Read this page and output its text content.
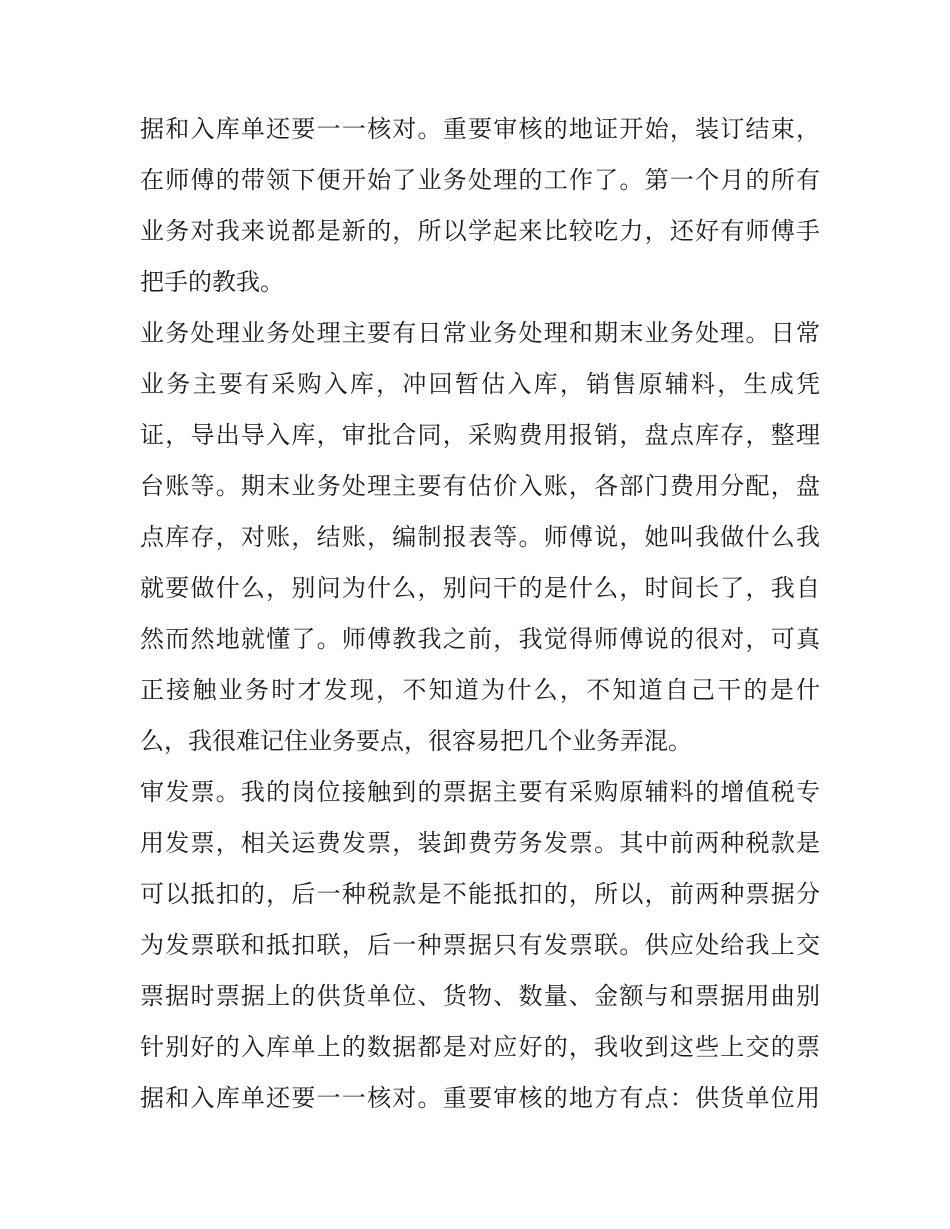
据和入库单还要一一核对。重要审核的地证开始，装订结束，
在师傅的带领下便开始了业务处理的工作了。第一个月的所有
业务对我来说都是新的，所以学起来比较吃力，还好有师傅手
把手的教我。
业务处理业务处理主要有日常业务处理和期末业务处理。日常
业务主要有采购入库，冲回暂估入库，销售原辅料，生成凭
证，导出导入库，审批合同，采购费用报销，盘点库存，整理
台账等。期末业务处理主要有估价入账，各部门费用分配，盘
点库存，对账，结账，编制报表等。师傅说，她叫我做什么我
就要做什么，别问为什么，别问干的是什么，时间长了，我自
然而然地就懂了。师傅教我之前，我觉得师傅说的很对，可真
正接触业务时才发现，不知道为什么，不知道自己干的是什
么，我很难记住业务要点，很容易把几个业务弄混。
审发票。我的岗位接触到的票据主要有采购原辅料的增值税专
用发票，相关运费发票，装卸费劳务发票。其中前两种税款是
可以抵扣的，后一种税款是不能抵扣的，所以，前两种票据分
为发票联和抵扣联，后一种票据只有发票联。供应处给我上交
票据时票据上的供货单位、货物、数量、金额与和票据用曲别
针别好的入库单上的数据都是对应好的，我收到这些上交的票
据和入库单还要一一核对。重要审核的地方有点：供货单位用
